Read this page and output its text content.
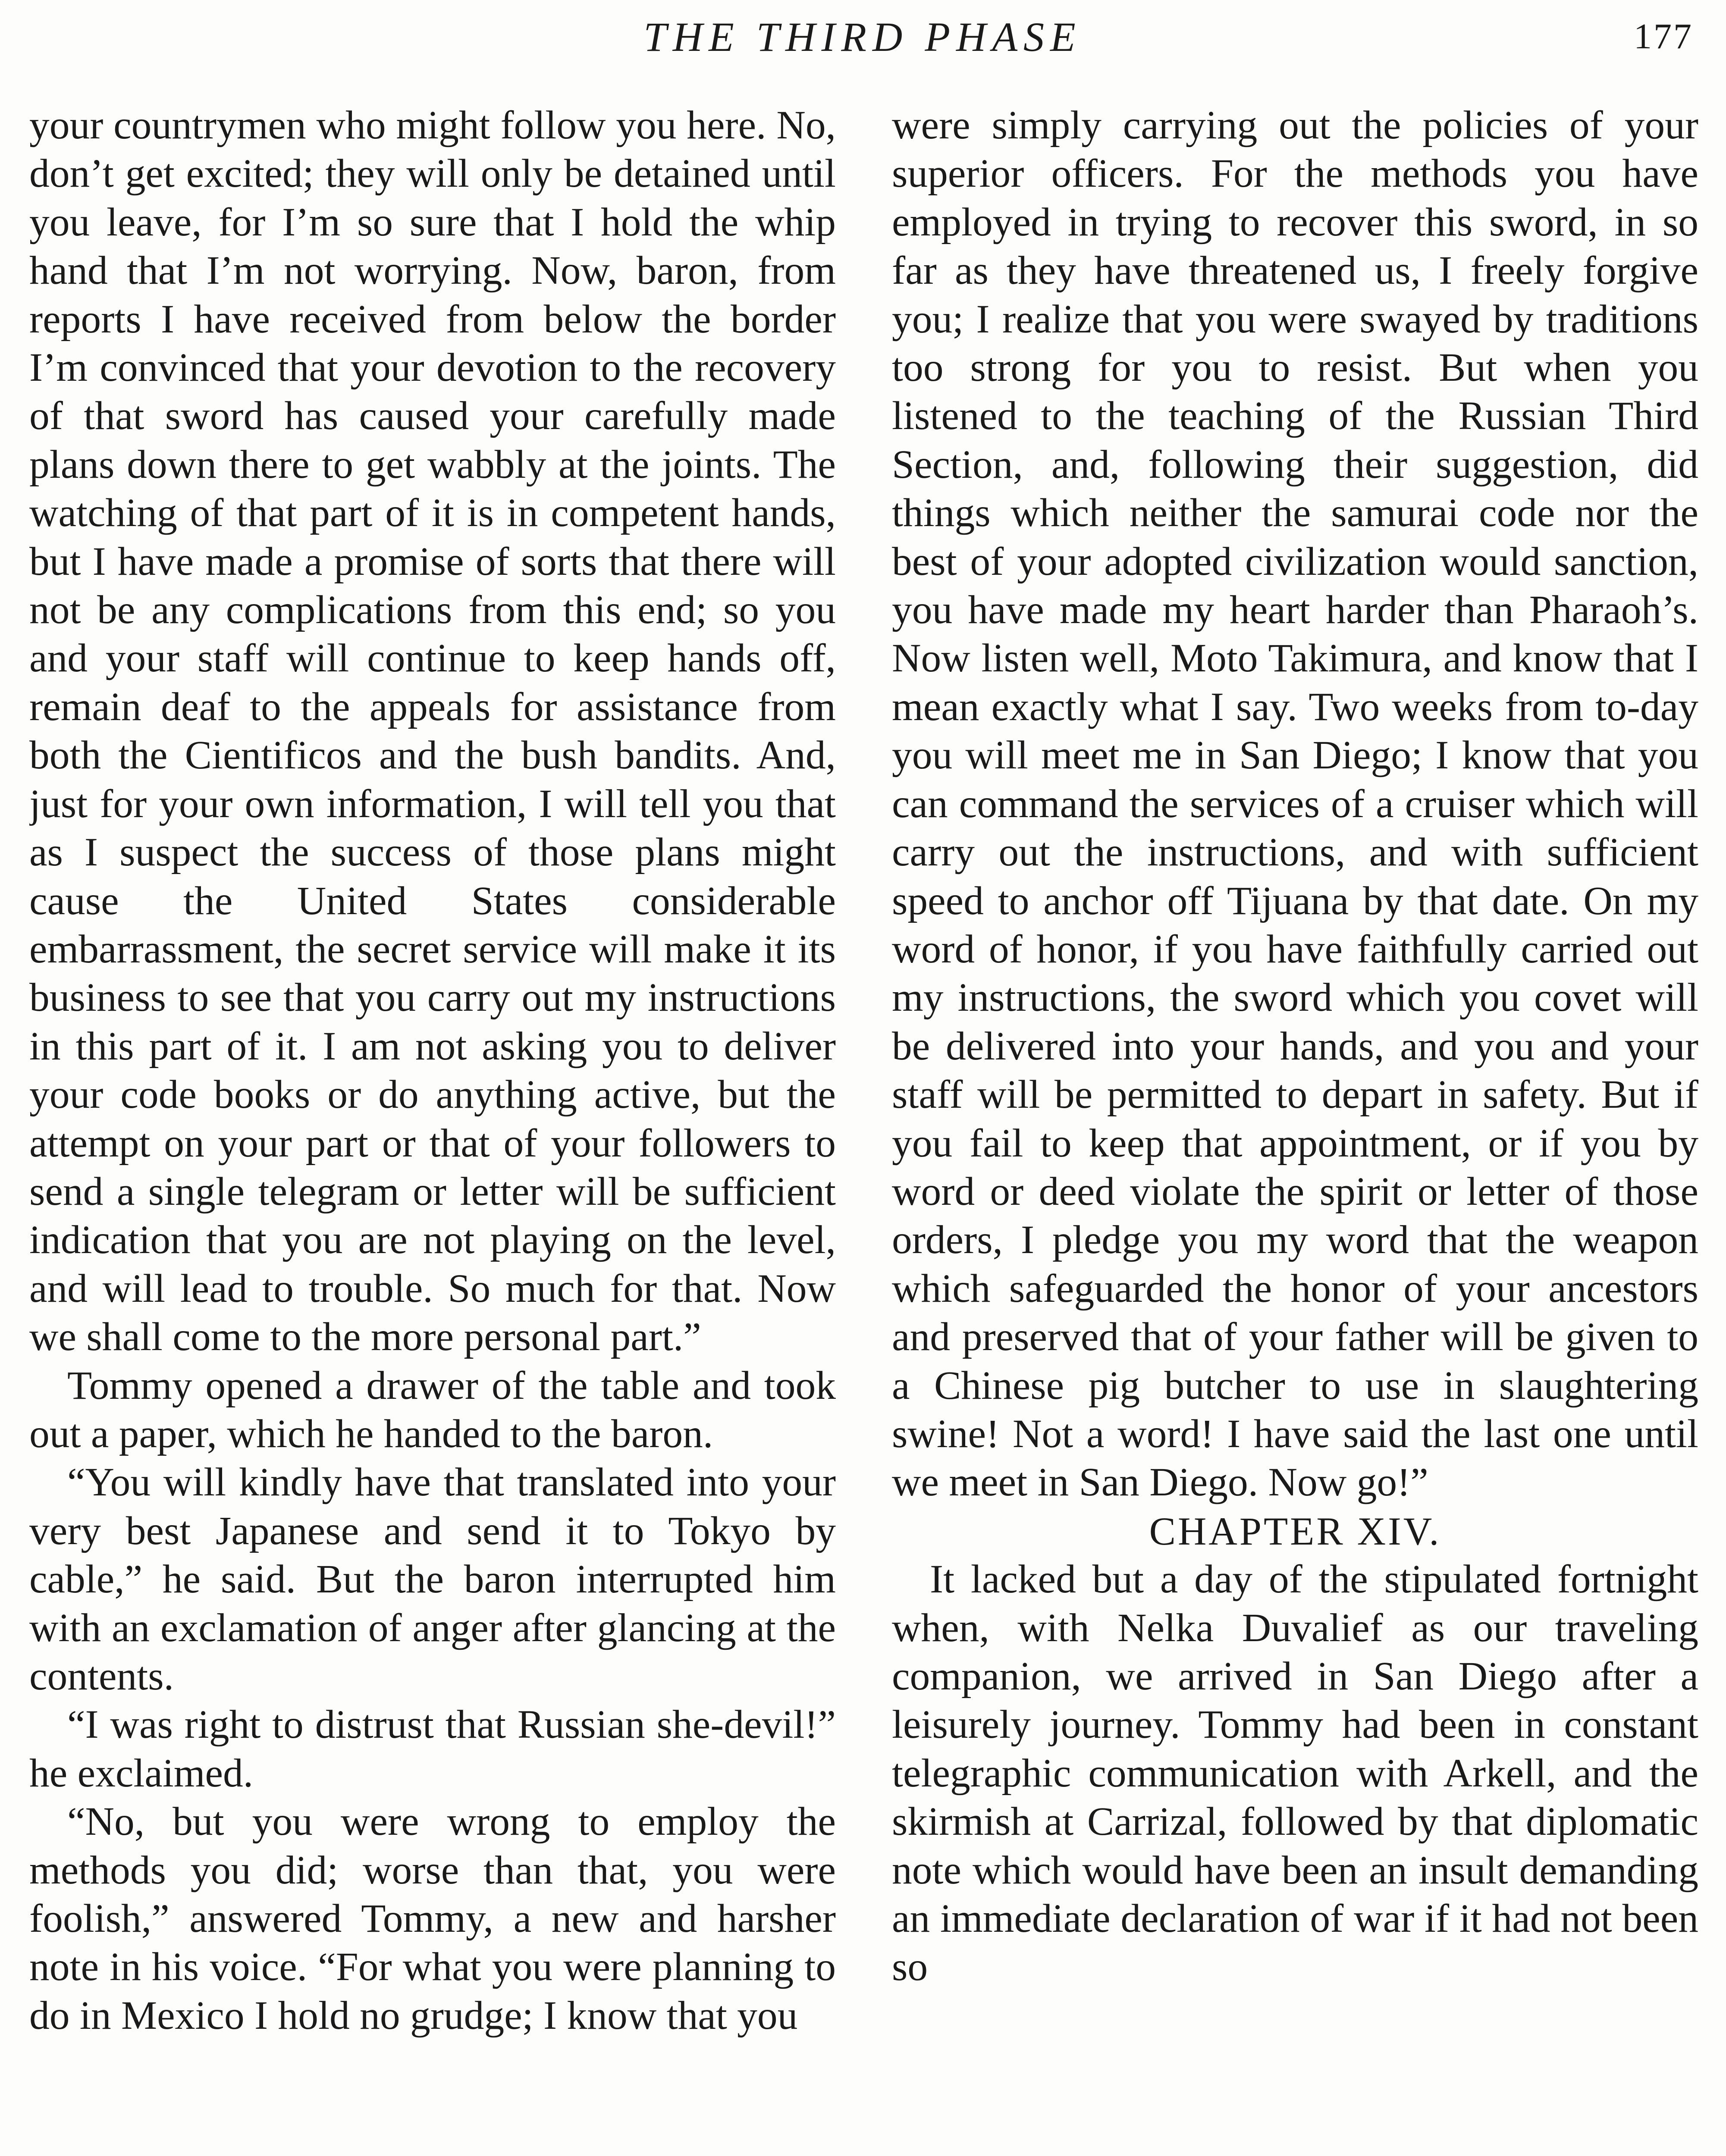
THE THIRD PHASE	177

your countrymen who might follow you here. No, don’t get excited; they will only be detained until you leave, for I’m so sure that I hold the whip hand that I’m not worrying. Now, baron, from reports I have received from below the border I’m convinced that your devotion to the recovery of that sword has caused your carefully made plans down there to get wabbly at the joints. The watching of that part of it is in competent hands, but I have made a promise of sorts that there will not be any complications from this end; so you and your staff will continue to keep hands off, remain deaf to the appeals for assistance from both the Cientificos and the bush bandits. And, just for your own information, I will tell you that as I suspect the success of those plans might cause the United States considerable embarrassment, the secret service will make it its business to see that you carry out my instructions in this part of it. I am not asking you to deliver your code books or do anything active, but the attempt on your part or that of your followers to send a single telegram or letter will be sufficient indication that you are not playing on the level, and will lead to trouble. So much for that. Now we shall come to the more personal part.”

Tommy opened a drawer of the table and took out a paper, which he handed to the baron.

“You will kindly have that translated into your very best Japanese and send it to Tokyo by cable,” he said. But the baron interrupted him with an exclamation of anger after glancing at the contents.

“I was right to distrust that Russian she-devil!” he exclaimed.

“No, but you were wrong to employ the methods you did; worse than that, you were foolish,” answered Tommy, a new and harsher note in his voice. “For what you were planning to do in Mexico I hold no grudge; I know that you

were simply carrying out the policies of your superior officers. For the methods you have employed in trying to recover this sword, in so far as they have threatened us, I freely forgive you; I realize that you were swayed by traditions too strong for you to resist. But when you listened to the teaching of the Russian Third Section, and, following their suggestion, did things which neither the samurai code nor the best of your adopted civilization would sanction, you have made my heart harder than Pharaoh’s. Now listen well, Moto Takimura, and know that I mean exactly what I say. Two weeks from to-day you will meet me in San Diego; I know that you can command the services of a cruiser which will carry out the instructions, and with sufficient speed to anchor off Tijuana by that date. On my word of honor, if you have faithfully carried out my instructions, the sword which you covet will be delivered into your hands, and you and your staff will be permitted to depart in safety. But if you fail to keep that appointment, or if you by word or deed violate the spirit or letter of those orders, I pledge you my word that the weapon which safeguarded the honor of your ancestors and preserved that of your father will be given to a Chinese pig butcher to use in slaughtering swine! Not a word! I have said the last one until we meet in San Diego. Now go!”

CHAPTER XIV.

It lacked but a day of the stipulated fortnight when, with Nelka Duvalief as our traveling companion, we arrived in San Diego after a leisurely journey. Tommy had been in constant telegraphic communication with Arkell, and the skirmish at Carrizal, followed by that diplomatic note which would have been an insult demanding an immediate declaration of war if it had not been so
